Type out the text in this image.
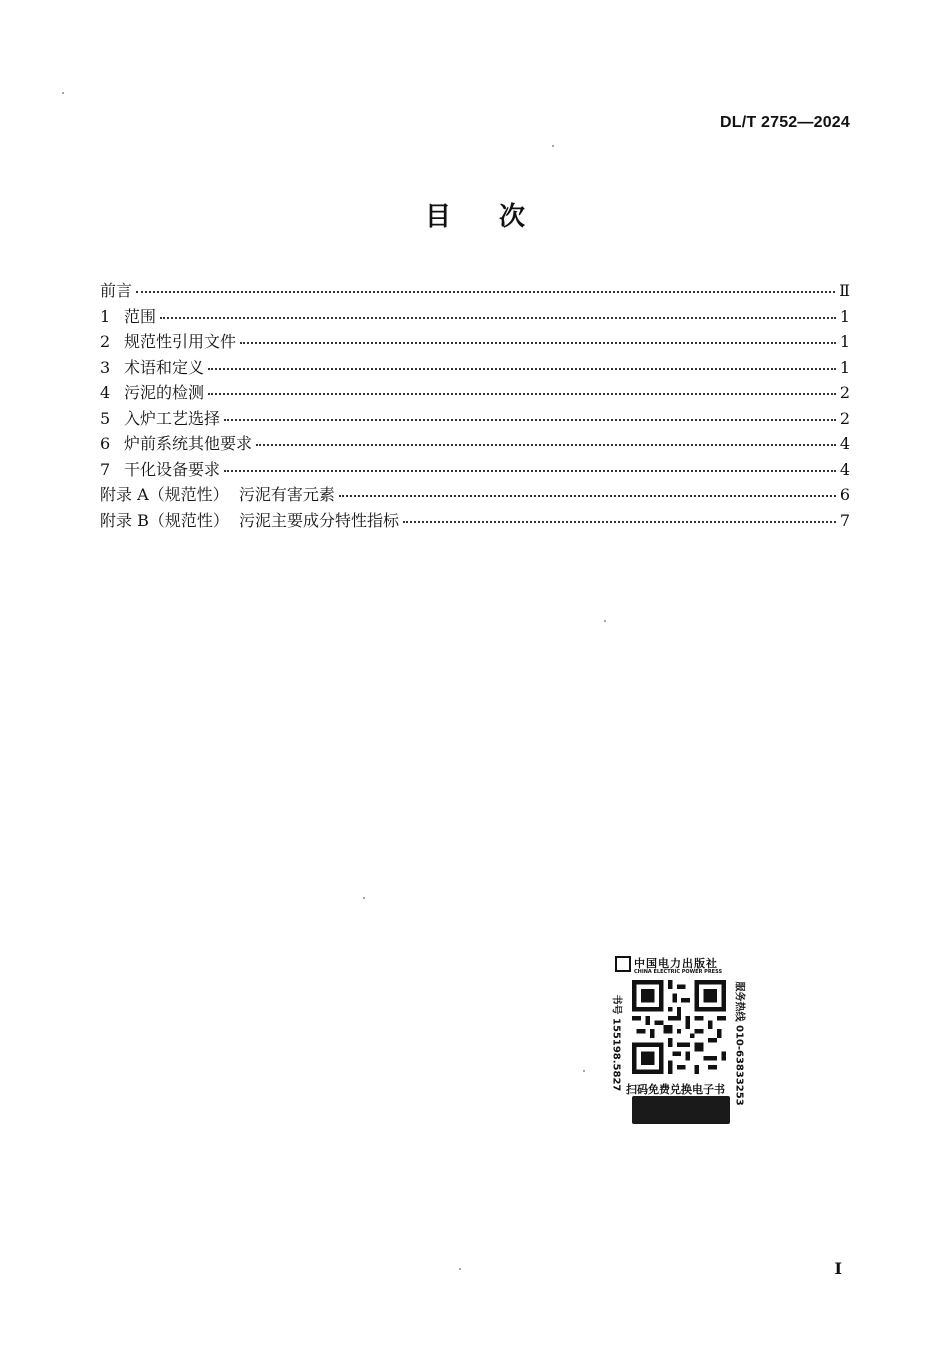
DL/T 2752—2024
目次
前言	Ⅱ
1 范围	1
2 规范性引用文件	1
3 术语和定义	1
4 污泥的检测	2
5 入炉工艺选择	2
6 炉前系统其他要求	4
7 干化设备要求	4
附录 A（规范性）  污泥有害元素	6
附录 B（规范性）  污泥主要成分特性指标	7
中国电力出版社
CHINA ELECTRIC POWER PRESS
书号 155198.5827	服务热线 010-63833253
扫码免费兑换电子书
I
